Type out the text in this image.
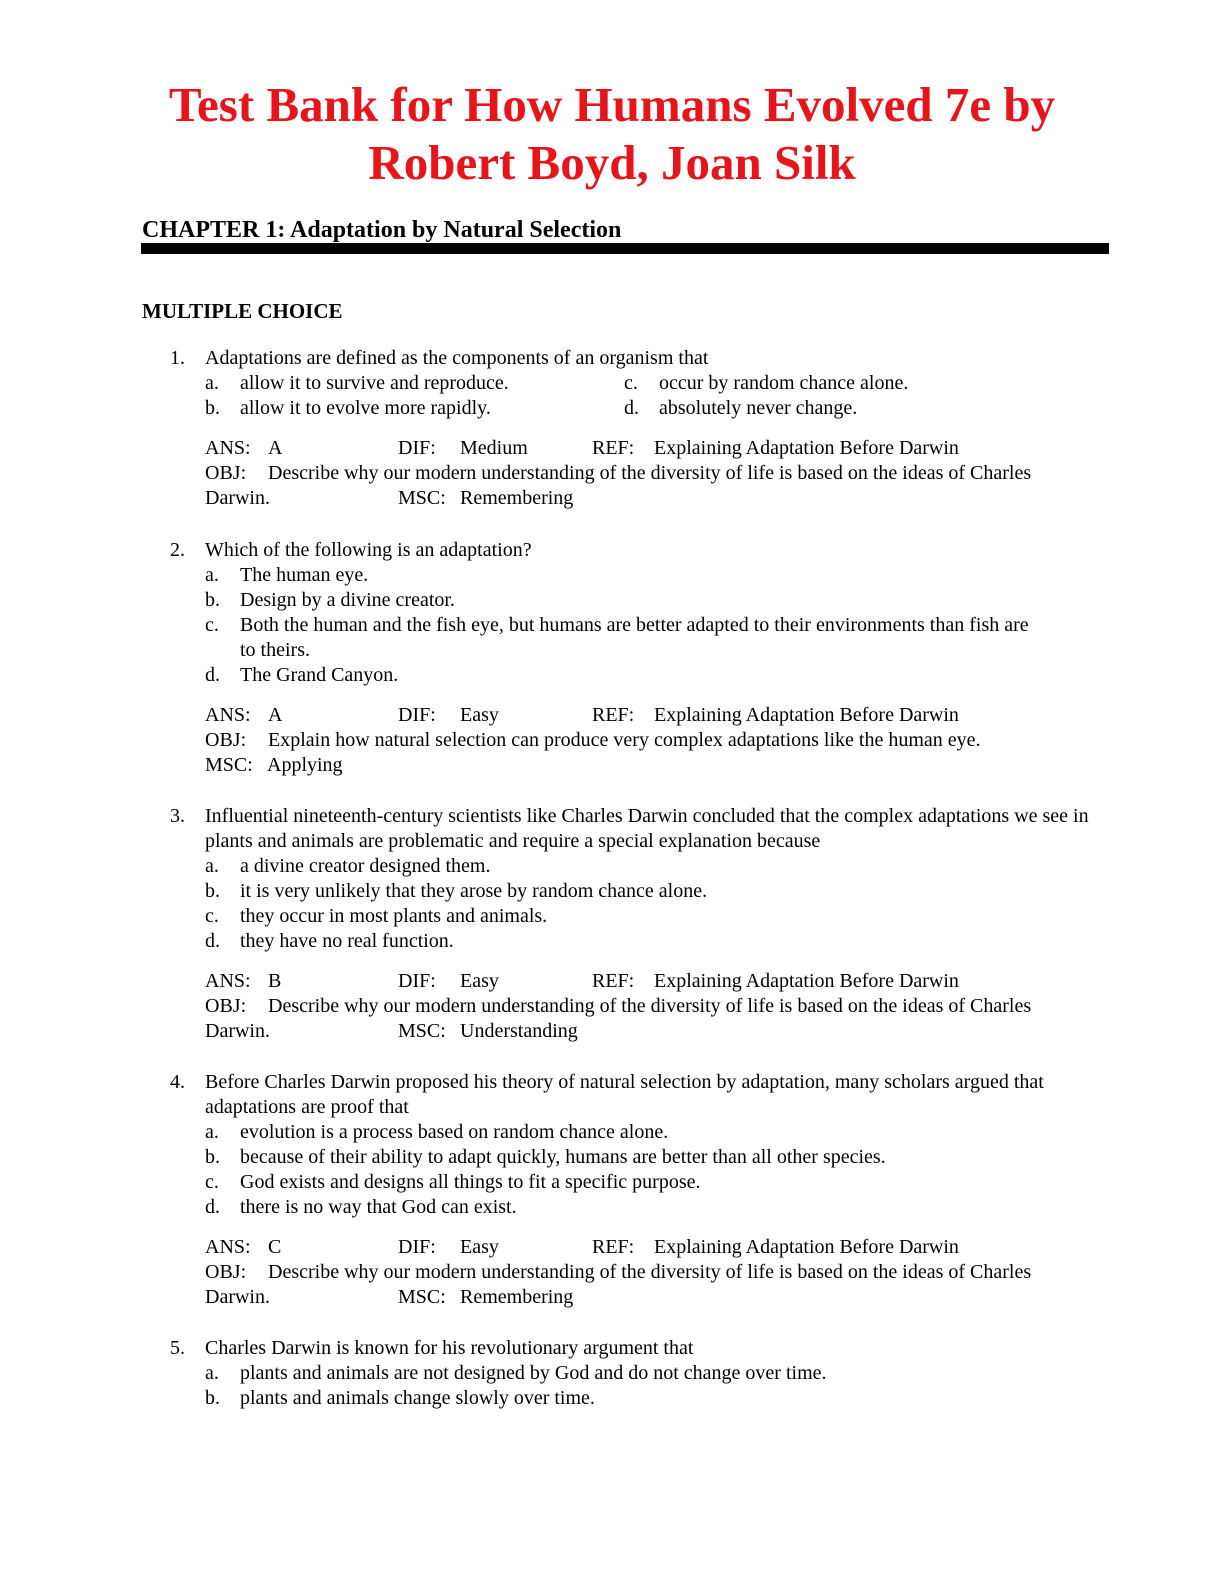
Test Bank for How Humans Evolved 7e by
Robert Boyd, Joan Silk
CHAPTER 1: Adaptation by Natural Selection
MULTIPLE CHOICE
1. Adaptations are defined as the components of an organism that

a. allow it to survive and reproduce.	c. occur by random chance alone.
b. allow it to evolve more rapidly.	d. absolutely never change.
ANS: A	DIF: Medium	REF: Explaining Adaptation Before Darwin
OBJ:	Describe why our modern understanding of the diversity of life is based on the ideas of Charles
Darwin.	MSC: Remembering
2. Which of the following is an adaptation?

a. The human eye.
b. Design by a divine creator.
c. Both the human and the fish eye, but humans are better adapted to their environments than fish are to theirs.
d. The Grand Canyon.
ANS: A	DIF: Easy	REF: Explaining Adaptation Before Darwin
OBJ:	Explain how natural selection can produce very complex adaptations like the human eye.
MSC: Applying
3. Influential nineteenth-century scientists like Charles Darwin concluded that the complex adaptations we see in plants and animals are problematic and require a special explanation because

a. a divine creator designed them.
b. it is very unlikely that they arose by random chance alone.
c. they occur in most plants and animals.
d. they have no real function.
ANS: B	DIF: Easy	REF: Explaining Adaptation Before Darwin
OBJ:	Describe why our modern understanding of the diversity of life is based on the ideas of Charles
Darwin.	MSC: Understanding
4. Before Charles Darwin proposed his theory of natural selection by adaptation, many scholars argued that adaptations are proof that

a. evolution is a process based on random chance alone.
b. because of their ability to adapt quickly, humans are better than all other species.
c. God exists and designs all things to fit a specific purpose.
d. there is no way that God can exist.
ANS: C	DIF: Easy	REF: Explaining Adaptation Before Darwin
OBJ:	Describe why our modern understanding of the diversity of life is based on the ideas of Charles
Darwin.	MSC: Remembering
5. Charles Darwin is known for his revolutionary argument that

a. plants and animals are not designed by God and do not change over time.
b. plants and animals change slowly over time.
